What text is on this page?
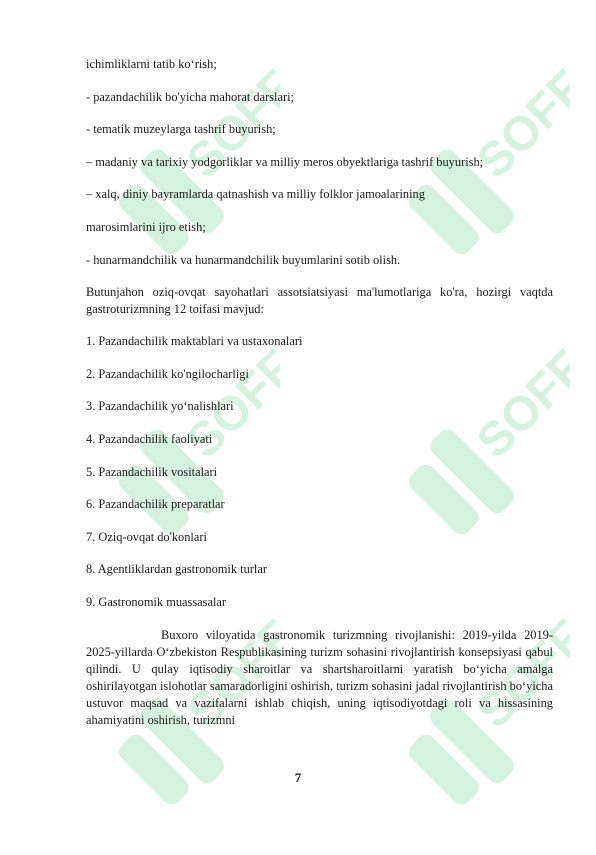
SOFF	SOFF
SOFF	SOFF
SOFF	SOFF

ichimliklarni tatib ko‘rish;

- pazandachilik bo'yicha mahorat darslari;

- tematik muzeylarga tashrif buyurish;

– madaniy va tarixiy yodgorliklar va milliy meros obyektlariga tashrif buyurish;

– xalq, diniy bayramlarda qatnashish va milliy folklor jamoalarining

marosimlarini ijro etish;

- hunarmandchilik va hunarmandchilik buyumlarini sotib olish.

Butunjahon oziq-ovqat sayohatlari assotsiatsiyasi ma'lumotlariga ko'ra, hozirgi vaqtda gastroturizmning 12 toifasi mavjud:

1. Pazandachilik maktablari va ustaxonalari

2. Pazandachilik ko'ngilocharligi

3. Pazandachilik yo‘nalishlari

4. Pazandachilik faoliyati

5. Pazandachilik vositalari

6. Pazandachilik preparatlar

7. Oziq-ovqat do'konlari

8. Agentliklardan gastronomik turlar

9. Gastronomik muassasalar

Buxoro viloyatida gastronomik turizmning rivojlanishi: 2019-yilda 2019-2025-yillarda O‘zbekiston Respublikasining turizm sohasini rivojlantirish konsepsiyasi qabul qilindi. U qulay iqtisodiy sharoitlar va shartsharoitlarni yaratish bo‘yicha amalga oshirilayotgan islohotlar samaradorligini oshirish, turizm sohasini jadal rivojlantirish bo‘yicha ustuvor maqsad va vazifalarni ishlab chiqish, uning iqtisodiyotdagi roli va hissasining ahamiyatini oshirish, turizmni

7
